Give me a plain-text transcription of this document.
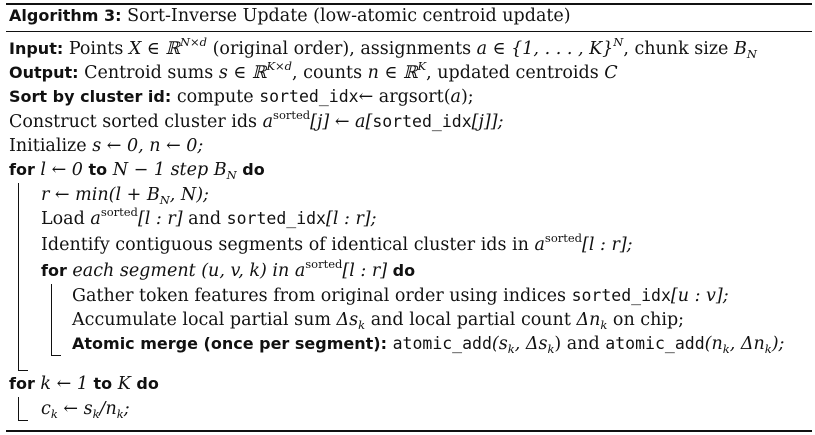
Algorithm 3: Sort-Inverse Update (low-atomic centroid update)
Input: Points X ∈ ℝ$^{N\times d}$ (original order), assignments a ∈ {1, . . . , K}$^N$, chunk size $B_N$
Output: Centroid sums s ∈ ℝ$^{K\times d}$, counts n ∈ ℝ$^K$, updated centroids C
Sort by cluster id: compute sorted_idx← argsort(a);
Construct sorted cluster ids $a^{sorted}[j]$ ← a[sorted_idx[j]];
Initialize s ← 0, n ← 0;
for l ← 0 to N − 1 step $B_N$ do
r ← $\min(l + B_N$, N);
Load $a^{sorted}[l$ : r] and sorted_idx[l : r];
Identify contiguous segments of identical cluster ids in $a^{sorted}[l$ : r];
for each segment (u, v, k) in $a^{sorted}[l$ : r] do
Gather token features from original order using indices sorted_idx[u : v];
Accumulate local partial sum $\Delta s_k$ and local partial count $\Delta n_k$ on chip;
Atomic merge (once per segment): $atomic\_add(s_k$, $\Delta s_k$) and $atomic\_add(n_k$, $\Delta n_k$);
for k ← 1 to K do
$c_k$ ← $s_k/n_k$;
